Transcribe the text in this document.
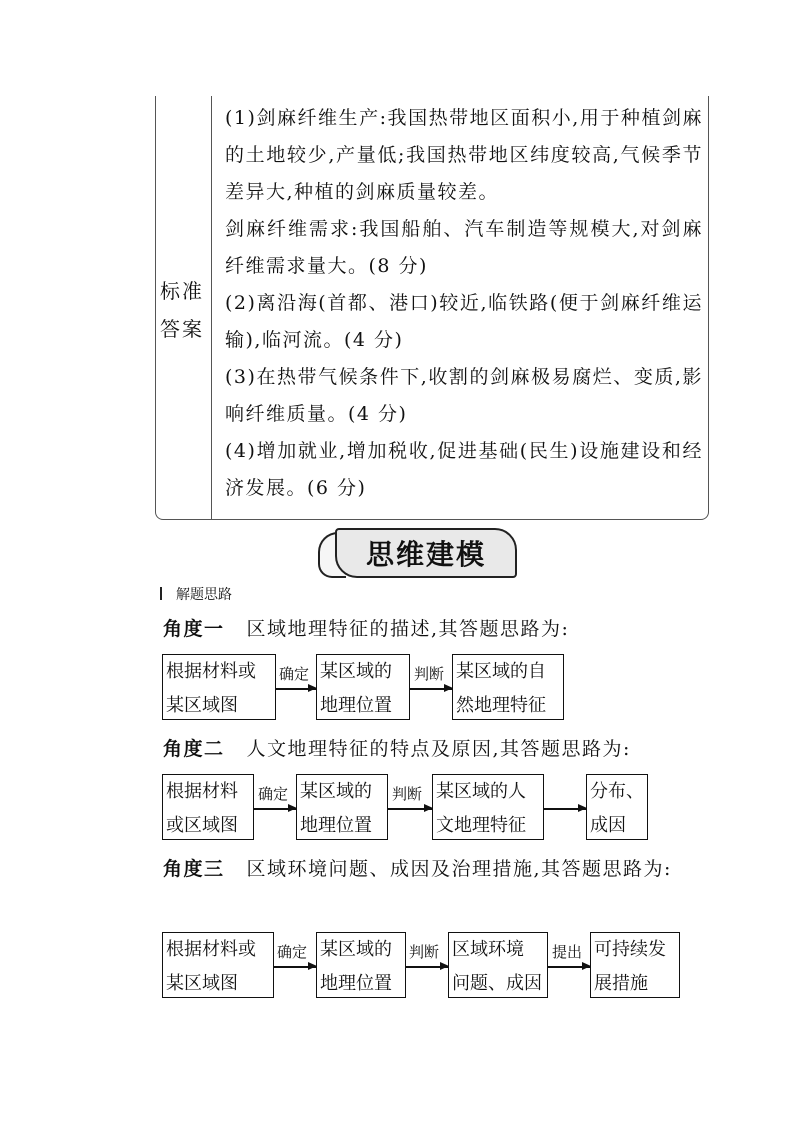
标准答案

(1)剑麻纤维生产:我国热带地区面积小,用于种植剑麻的土地较少,产量低;我国热带地区纬度较高,气候季节差异大,种植的剑麻质量较差。

剑麻纤维需求:我国船舶、汽车制造等规模大,对剑麻纤维需求量大。(8 分)

(2)离沿海(首都、港口)较近,临铁路(便于剑麻纤维运输),临河流。(4 分)

(3)在热带气候条件下,收割的剑麻极易腐烂、变质,影响纤维质量。(4 分)

(4)增加就业,增加税收,促进基础(民生)设施建设和经济发展。(6 分)

思维建模
解题思路
角度一 区域地理特征的描述,其答题思路为:
根据材料或
某区域图
确定 某区域的
地理位置
判断 某区域的自
然地理特征
角度二 人文地理特征的特点及原因,其答题思路为:
根据材料
或区域图
确定 某区域的
地理位置
判断 某区域的人
文地理特征
分布、
成因
角度三 区域环境问题、成因及治理措施,其答题思路为:
根据材料或
某区域图
确定 某区域的
地理位置
判断 区域环境
问题、成因
提出 可持续发
展措施
